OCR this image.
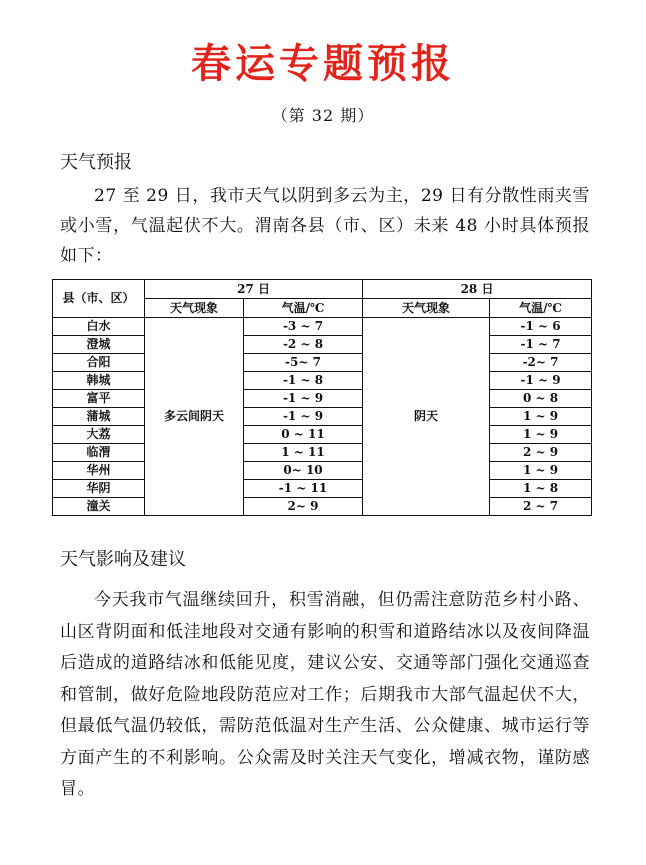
春运专题预报
（第 32 期）
天气预报
27 至 29 日，我市天气以阴到多云为主，29 日有分散性雨夹雪或小雪，气温起伏不大。渭南各县（市、区）未来 48 小时具体预报如下：
县（市、区）	27 日		28 日	
	天气现象	气温/℃	天气现象	气温/℃
白水	多云间阴天	-3 ~ 7	阴天	-1 ~ 6
澄城		-2 ~ 8		-1 ~ 7
合阳		-5~ 7		-2~ 7
韩城		-1 ~ 8		-1 ~ 9
富平		-1 ~ 9		0 ~ 8
蒲城		-1 ~ 9		1 ~ 9
大荔		0 ~ 11		1 ~ 9
临渭		1 ~ 11		2 ~ 9
华州		0~ 10		1 ~ 9
华阴		-1 ~ 11		1 ~ 8
潼关		2~ 9		2 ~ 7
天气影响及建议
今天我市气温继续回升，积雪消融，但仍需注意防范乡村小路、山区背阴面和低洼地段对交通有影响的积雪和道路结冰以及夜间降温后造成的道路结冰和低能见度，建议公安、交通等部门强化交通巡查和管制，做好危险地段防范应对工作；后期我市大部气温起伏不大，但最低气温仍较低，需防范低温对生产生活、公众健康、城市运行等方面产生的不利影响。公众需及时关注天气变化，增减衣物，谨防感冒。
